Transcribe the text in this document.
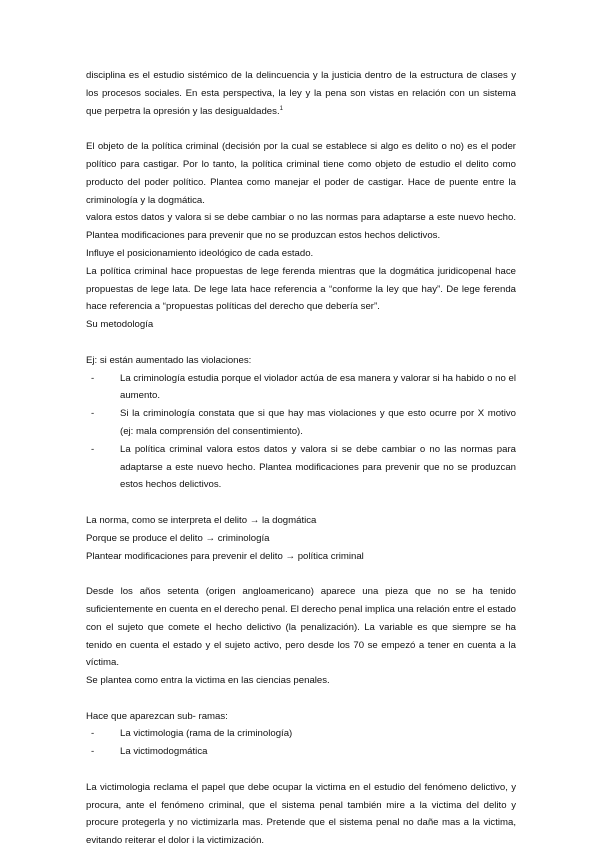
disciplina es el estudio sistémico de la delincuencia y la justicia dentro de la estructura de clases y los procesos sociales. En esta perspectiva, la ley y la pena son vistas en relación con un sistema que perpetra la opresión y las desigualdades.$^1$

El objeto de la política criminal (decisión por la cual se establece si algo es delito o no) es el poder político para castigar. Por lo tanto, la política criminal tiene como objeto de estudio el delito como producto del poder político. Plantea como manejar el poder de castigar. Hace de puente entre la criminología y la dogmática.

valora estos datos y valora si se debe cambiar o no las normas para adaptarse a este nuevo hecho. Plantea modificaciones para prevenir que no se produzcan estos hechos delictivos.

Influye el posicionamiento ideológico de cada estado.

La política criminal hace propuestas de lege ferenda mientras que la dogmática juridicopenal hace propuestas de lege lata. De lege lata hace referencia a “conforme la ley que hay”. De lege ferenda hace referencia a “propuestas políticas del derecho que debería ser”.

Su metodología

Ej: si están aumentado las violaciones:

- La criminología estudia porque el violador actúa de esa manera y valorar si ha habido o no el aumento.
- Si la criminología constata que si que hay mas violaciones y que esto ocurre por X motivo (ej: mala comprensión del consentimiento).
- La política criminal valora estos datos y valora si se debe cambiar o no las normas para adaptarse a este nuevo hecho. Plantea modificaciones para prevenir que no se produzcan estos hechos delictivos.

La norma, como se interpreta el delito → la dogmática

Porque se produce el delito → criminología

Plantear modificaciones para prevenir el delito → política criminal

Desde los años setenta (origen angloamericano) aparece una pieza que no se ha tenido suficientemente en cuenta en el derecho penal. El derecho penal implica una relación entre el estado con el sujeto que comete el hecho delictivo (la penalización). La variable es que siempre se ha tenido en cuenta el estado y el sujeto activo, pero desde los 70 se empezó a tener en cuenta a la víctima.

Se plantea como entra la victima en las ciencias penales.

Hace que aparezcan sub- ramas:

- La victimologia (rama de la criminología)
- La victimodogmática

La victimologia reclama el papel que debe ocupar la victima en el estudio del fenómeno delictivo, y procura, ante el fenómeno criminal, que el sistema penal también mire a la victima del delito y procure protegerla y no victimizarla mas. Pretende que el sistema penal no dañe mas a la victima, evitando reiterar el dolor i la victimización.
